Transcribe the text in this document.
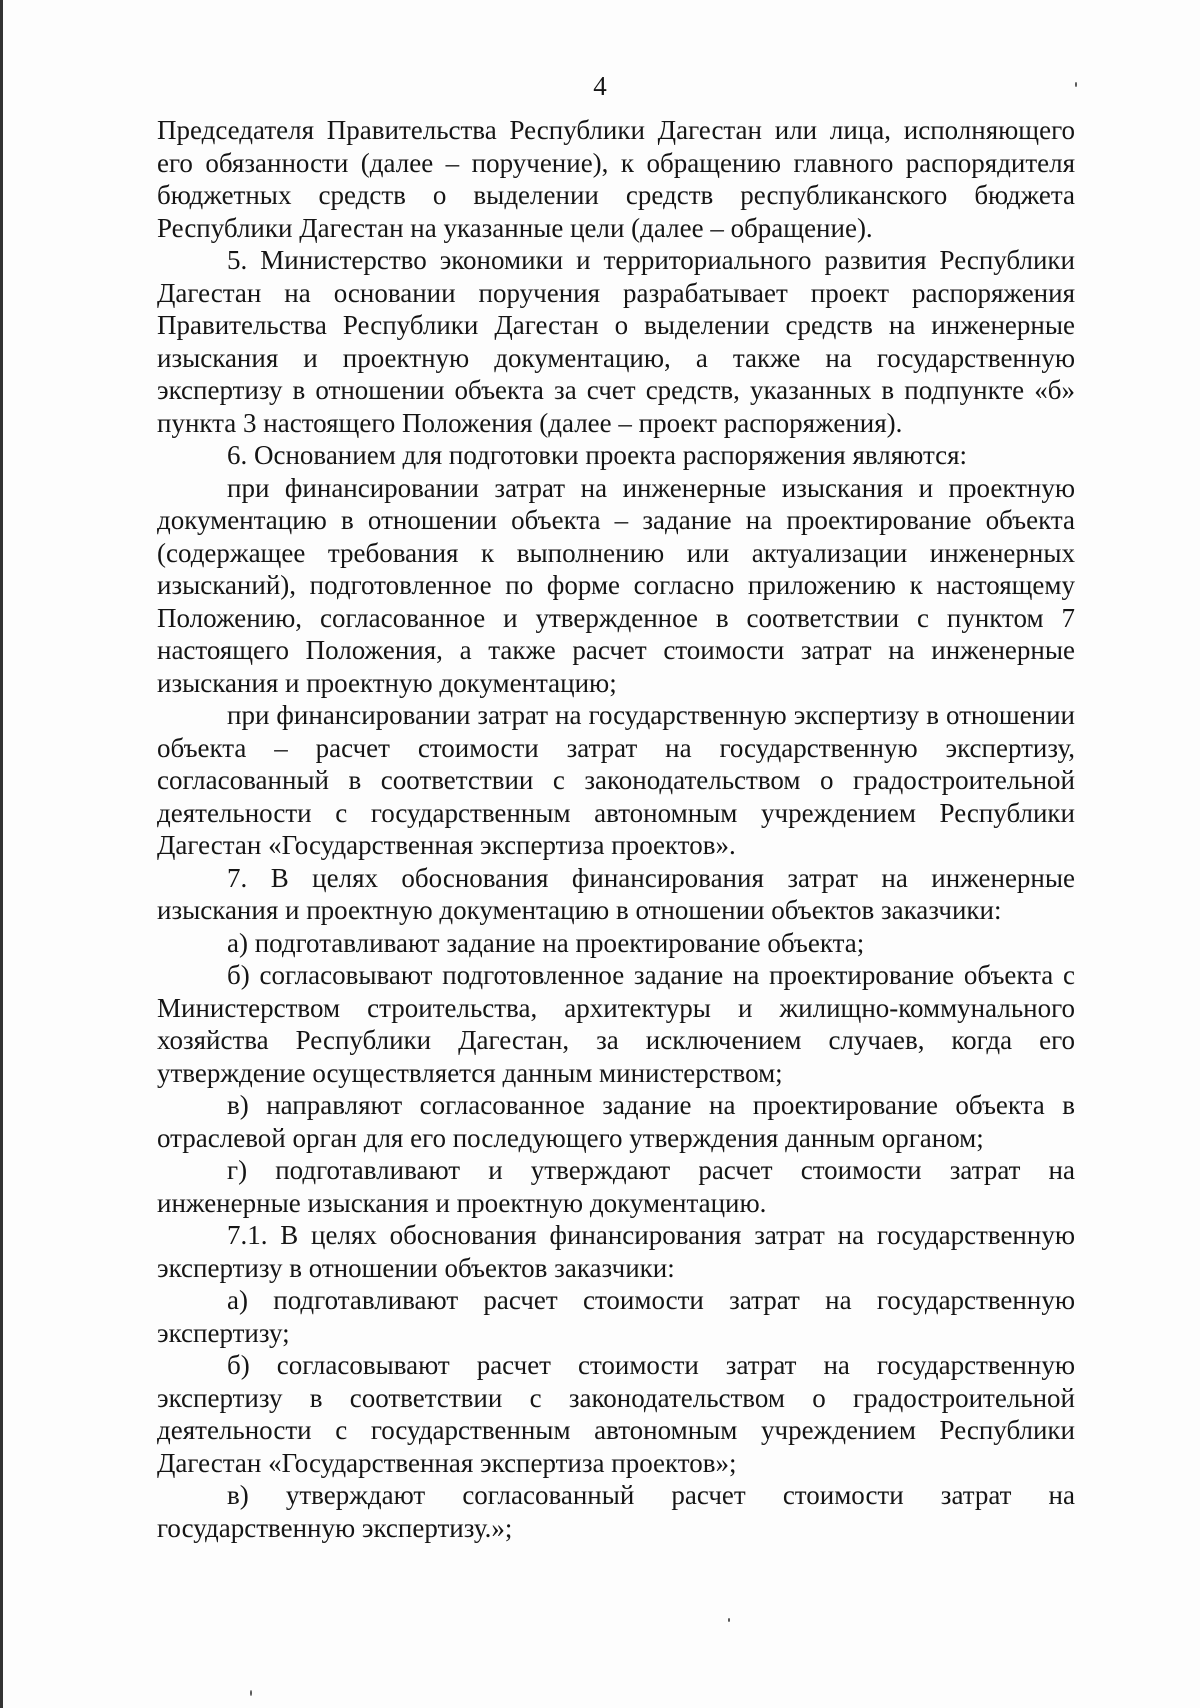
4

Председателя Правительства Республики Дагестан или лица, исполняющего его обязанности (далее – поручение), к обращению главного распорядителя бюджетных средств о выделении средств республиканского бюджета Республики Дагестан на указанные цели (далее – обращение).

5. Министерство экономики и территориального развития Республики Дагестан на основании поручения разрабатывает проект распоряжения Правительства Республики Дагестан о выделении средств на инженерные изыскания и проектную документацию, а также на государственную экспертизу в отношении объекта за счет средств, указанных в подпункте «б» пункта 3 настоящего Положения (далее – проект распоряжения).

6. Основанием для подготовки проекта распоряжения являются:

при финансировании затрат на инженерные изыскания и проектную документацию в отношении объекта – задание на проектирование объекта (содержащее требования к выполнению или актуализации инженерных изысканий), подготовленное по форме согласно приложению к настоящему Положению, согласованное и утвержденное в соответствии с пунктом 7 настоящего Положения, а также расчет стоимости затрат на инженерные изыскания и проектную документацию;

при финансировании затрат на государственную экспертизу в отношении объекта – расчет стоимости затрат на государственную экспертизу, согласованный в соответствии с законодательством о градостроительной деятельности с государственным автономным учреждением Республики Дагестан «Государственная экспертиза проектов».

7. В целях обоснования финансирования затрат на инженерные изыскания и проектную документацию в отношении объектов заказчики:

а) подготавливают задание на проектирование объекта;

б) согласовывают подготовленное задание на проектирование объекта с Министерством строительства, архитектуры и жилищно-коммунального хозяйства Республики Дагестан, за исключением случаев, когда его утверждение осуществляется данным министерством;

в) направляют согласованное задание на проектирование объекта в отраслевой орган для его последующего утверждения данным органом;

г) подготавливают и утверждают расчет стоимости затрат на инженерные изыскания и проектную документацию.

7.1. В целях обоснования финансирования затрат на государственную экспертизу в отношении объектов заказчики:

а) подготавливают расчет стоимости затрат на государственную экспертизу;

б) согласовывают расчет стоимости затрат на государственную экспертизу в соответствии с законодательством о градостроительной деятельности с государственным автономным учреждением Республики Дагестан «Государственная экспертиза проектов»;

в) утверждают согласованный расчет стоимости затрат на государственную экспертизу.»;
